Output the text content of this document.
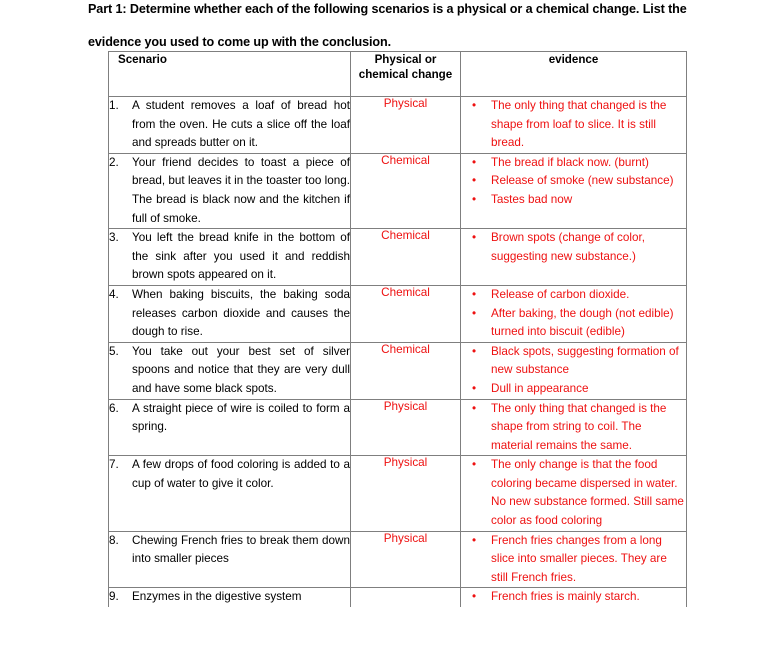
Part 1: Determine whether each of the following scenarios is a physical or a chemical change. List the
evidence you used to come up with the conclusion.
Scenario	Physical or
chemical change	evidence

1.	A student removes a loaf of bread hot from the oven. He cuts a slice off the loaf and spreads butter on it.
	Physical	• The only thing that changed is the shape from loaf to slice. It is still bread.

2.	Your friend decides to toast a piece of bread, but leaves it in the toaster too long. The bread is black now and the kitchen if full of smoke.
	Chemical	• The bread if black now. (burnt)
• Release of smoke (new substance)
• Tastes bad now

3.	You left the bread knife in the bottom of the sink after you used it and reddish brown spots appeared on it.
	Chemical	• Brown spots (change of color, suggesting new substance.)

4.	When baking biscuits, the baking soda releases carbon dioxide and causes the dough to rise.
	Chemical	• Release of carbon dioxide.
• After baking, the dough (not edible) turned into biscuit (edible)

5.	You take out your best set of silver spoons and notice that they are very dull and have some black spots.
	Chemical	• Black spots, suggesting formation of new substance
• Dull in appearance

6.	A straight piece of wire is coiled to form a spring.
	Physical	• The only thing that changed is the shape from string to coil. The material remains the same.

7.	A few drops of food coloring is added to a cup of water to give it color.
	Physical	• The only change is that the food coloring became dispersed in water. No new substance formed. Still same color as food coloring

8.	Chewing French fries to break them down into smaller pieces
	Physical	• French fries changes from a long slice into smaller pieces. They are still French fries.

9.	Enzymes in the digestive system		• French fries is mainly starch.
